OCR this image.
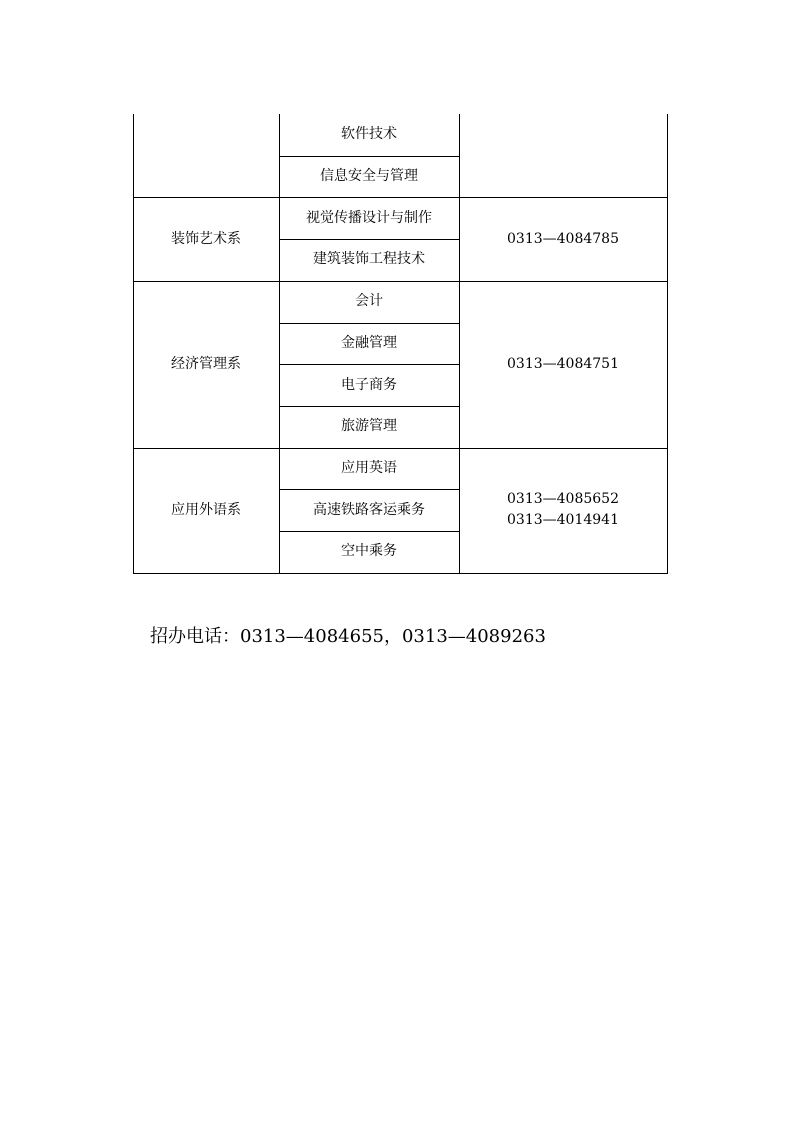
软件技术
信息安全与管理
装饰艺术系
视觉传播设计与制作
建筑装饰工程技术
0313—4084785
经济管理系
会计
金融管理
电子商务
旅游管理
0313—4084751
应用外语系
应用英语
高速铁路客运乘务
空中乘务
0313—4085652
0313—4014941
招办电话：0313—4084655，0313—4089263
